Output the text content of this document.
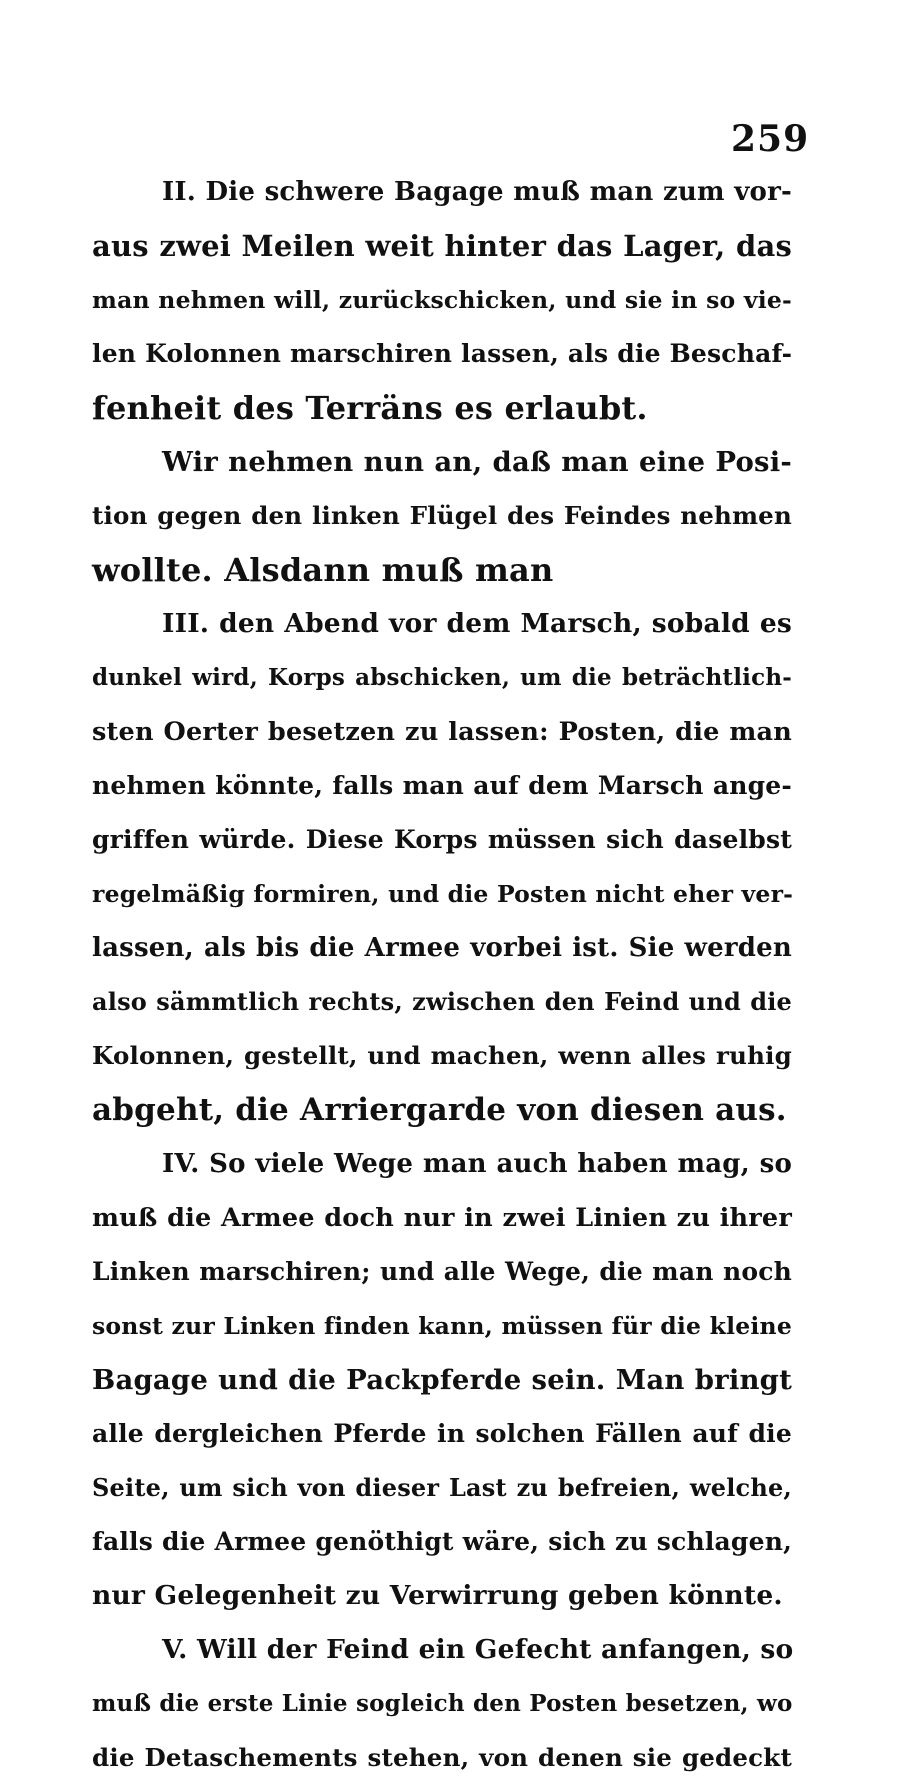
259
II. Die schwere Bagage muß man zum vor-
aus zwei Meilen weit hinter das Lager, das
man nehmen will, zurückschicken, und sie in so vie-
len Kolonnen marschiren lassen, als die Beschaf-
fenheit des Terräns es erlaubt.
Wir nehmen nun an, daß man eine Posi-
tion gegen den linken Flügel des Feindes nehmen
wollte. Alsdann muß man
III. den Abend vor dem Marsch, sobald es
dunkel wird, Korps abschicken, um die beträchtlich-
sten Oerter besetzen zu lassen: Posten, die man
nehmen könnte, falls man auf dem Marsch ange-
griffen würde. Diese Korps müssen sich daselbst
regelmäßig formiren, und die Posten nicht eher ver-
lassen, als bis die Armee vorbei ist. Sie werden
also sämmtlich rechts, zwischen den Feind und die
Kolonnen, gestellt, und machen, wenn alles ruhig
abgeht, die Arriergarde von diesen aus.
IV. So viele Wege man auch haben mag, so
muß die Armee doch nur in zwei Linien zu ihrer
Linken marschiren; und alle Wege, die man noch
sonst zur Linken finden kann, müssen für die kleine
Bagage und die Packpferde sein. Man bringt
alle dergleichen Pferde in solchen Fällen auf die
Seite, um sich von dieser Last zu befreien, welche,
falls die Armee genöthigt wäre, sich zu schlagen,
nur Gelegenheit zu Verwirrung geben könnte.
V. Will der Feind ein Gefecht anfangen, so
muß die erste Linie sogleich den Posten besetzen, wo
die Detaschements stehen, von denen sie gedeckt
